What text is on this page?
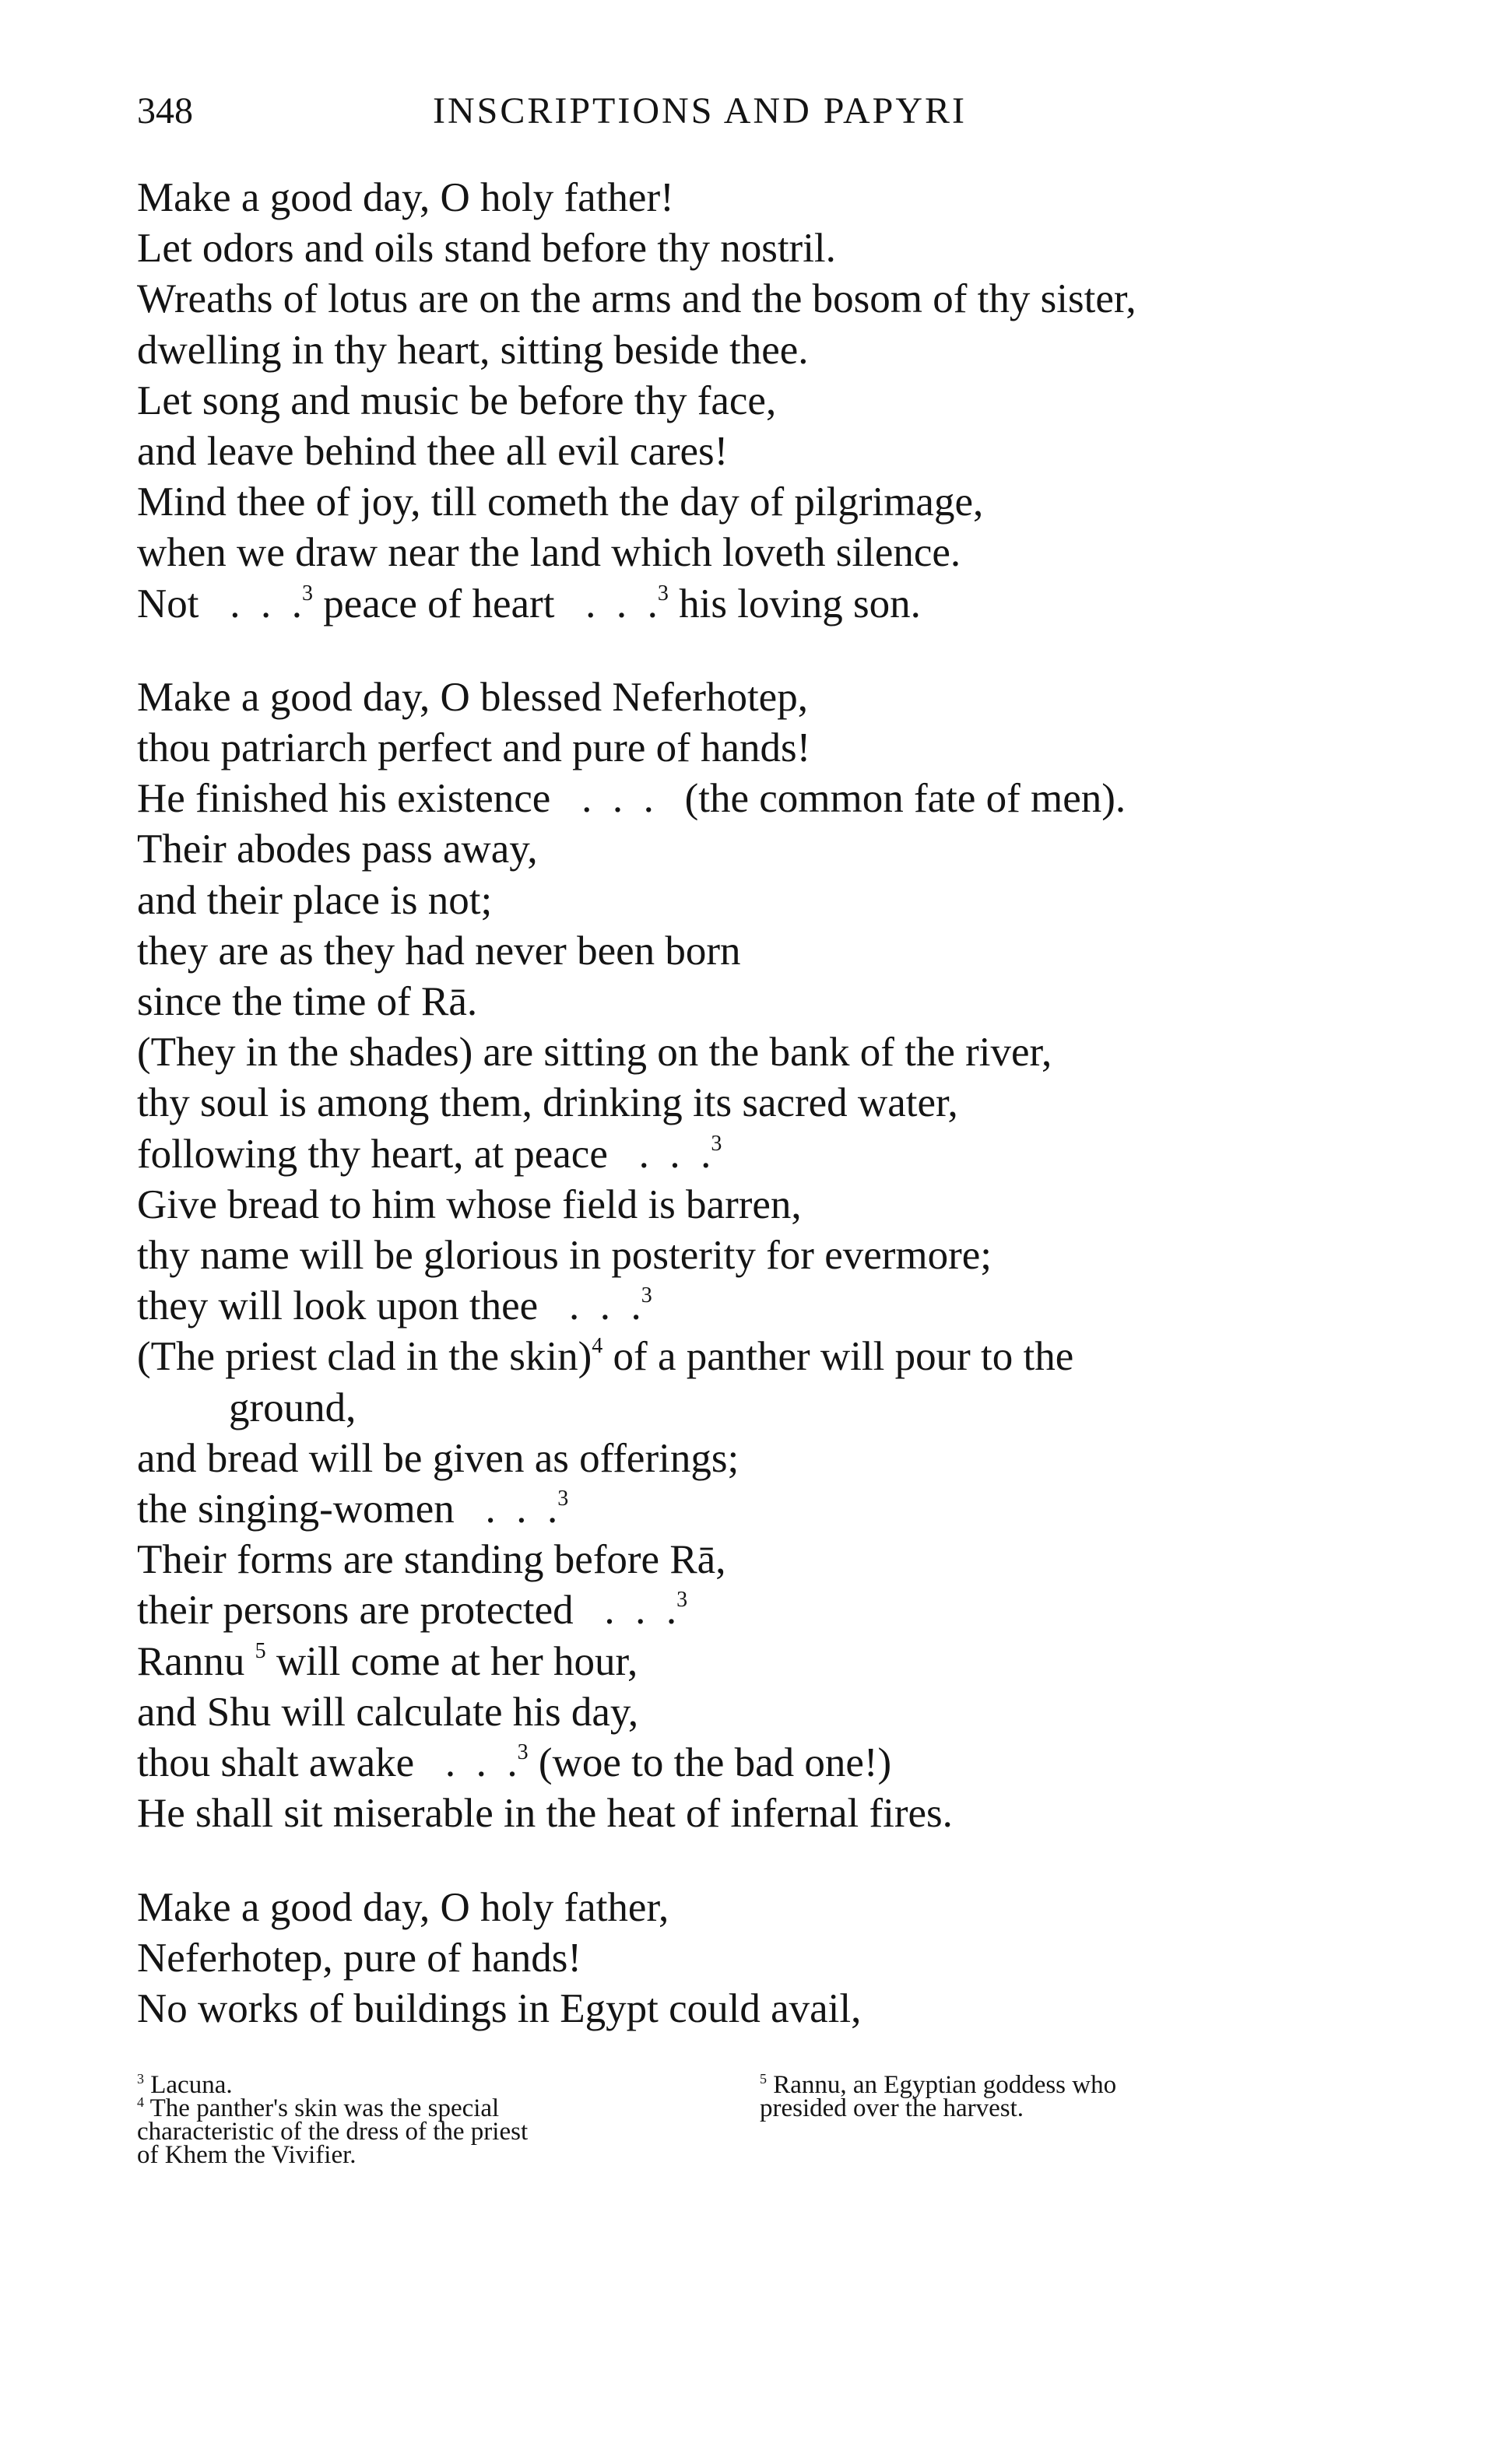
348	INSCRIPTIONS AND PAPYRI
Make a good day, O holy father!
Let odors and oils stand before thy nostril.
Wreaths of lotus are on the arms and the bosom of thy sister,
dwelling in thy heart, sitting beside thee.
Let song and music be before thy face,
and leave behind thee all evil cares!
Mind thee of joy, till cometh the day of pilgrimage,
when we draw near the land which loveth silence.
Not   .  .  .$^3$ peace of heart   .  .  .$^3$ his loving son.
Make a good day, O blessed Neferhotep,
thou patriarch perfect and pure of hands!
He finished his existence   .  .  .   (the common fate of men).
Their abodes pass away,
and their place is not;
they are as they had never been born
since the time of Rā.
(They in the shades) are sitting on the bank of the river,
thy soul is among them, drinking its sacred water,
following thy heart, at peace   .  .  .$^3$
Give bread to him whose field is barren,
thy name will be glorious in posterity for evermore;
they will look upon thee   .  .  .$^3$
(The priest clad in the skin)$^4$ of a panther will pour to the
ground,
and bread will be given as offerings;
the singing-women   .  .  .$^3$
Their forms are standing before Rā,
their persons are protected   .  .  .$^3$
Rannu $^5$ will come at her hour,
and Shu will calculate his day,
thou shalt awake   .  .  .$^3$ (woe to the bad one!)
He shall sit miserable in the heat of infernal fires.
Make a good day, O holy father,
Neferhotep, pure of hands!
No works of buildings in Egypt could avail,
$^3$ Lacuna.
$^4$ The panther's skin was the special
characteristic of the dress of the priest
of Khem the Vivifier.
$^5$ Rannu, an Egyptian goddess who
presided over the harvest.
